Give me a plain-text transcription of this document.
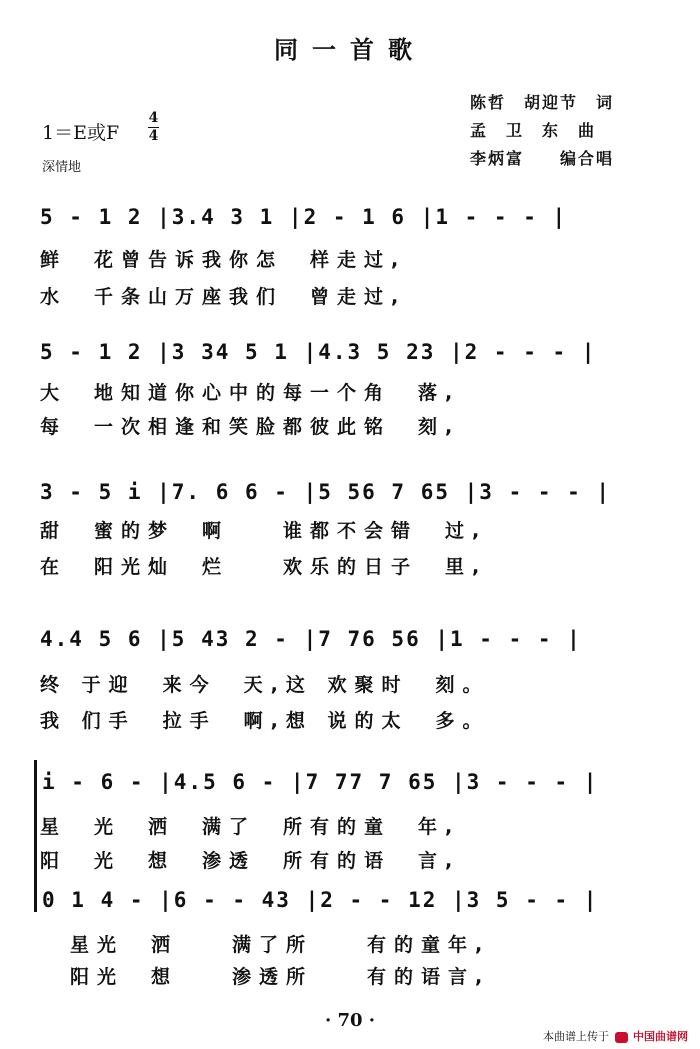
同一首歌
陈哲　胡迎节　词
孟　卫　东　曲
李炳富　　编合唱
1＝E或F
4
4
深情地
5 - 1 2 |3.4 3 1 |2 - 1 6 |1 - - - |
鲜　花曾告诉我你怎　样走过,
水　千条山万座我们　曾走过,
5 - 1 2 |3 34 5 1 |4.3 5 23 |2 - - - |
大　地知道你心中的每一个角　落,
每　一次相逢和笑脸都彼此铭　刻,
3 - 5 i |7. 6 6 - |5 56 7 65 |3 - - - |
甜　蜜的梦　啊　　谁都不会错　过,
在　阳光灿　烂　　欢乐的日子　里,
4.4 5 6 |5 43 2 - |7 76 56 |1 - - - |
终 于迎　来今　天,这 欢聚时　刻。
我 们手　拉手　啊,想 说的太　多。
i - 6 - |4.5 6 - |7 77 7 65 |3 - - - |
星　光　洒　满了　所有的童　年,
阳　光　想　渗透　所有的语　言,
0 1 4 - |6 - - 43 |2 - - 12 |3 5 - - |
星光　洒　　满了所　　有的童年,
阳光　想　　渗透所　　有的语言,
· 70 ·
本曲谱上传于 中国曲谱网
